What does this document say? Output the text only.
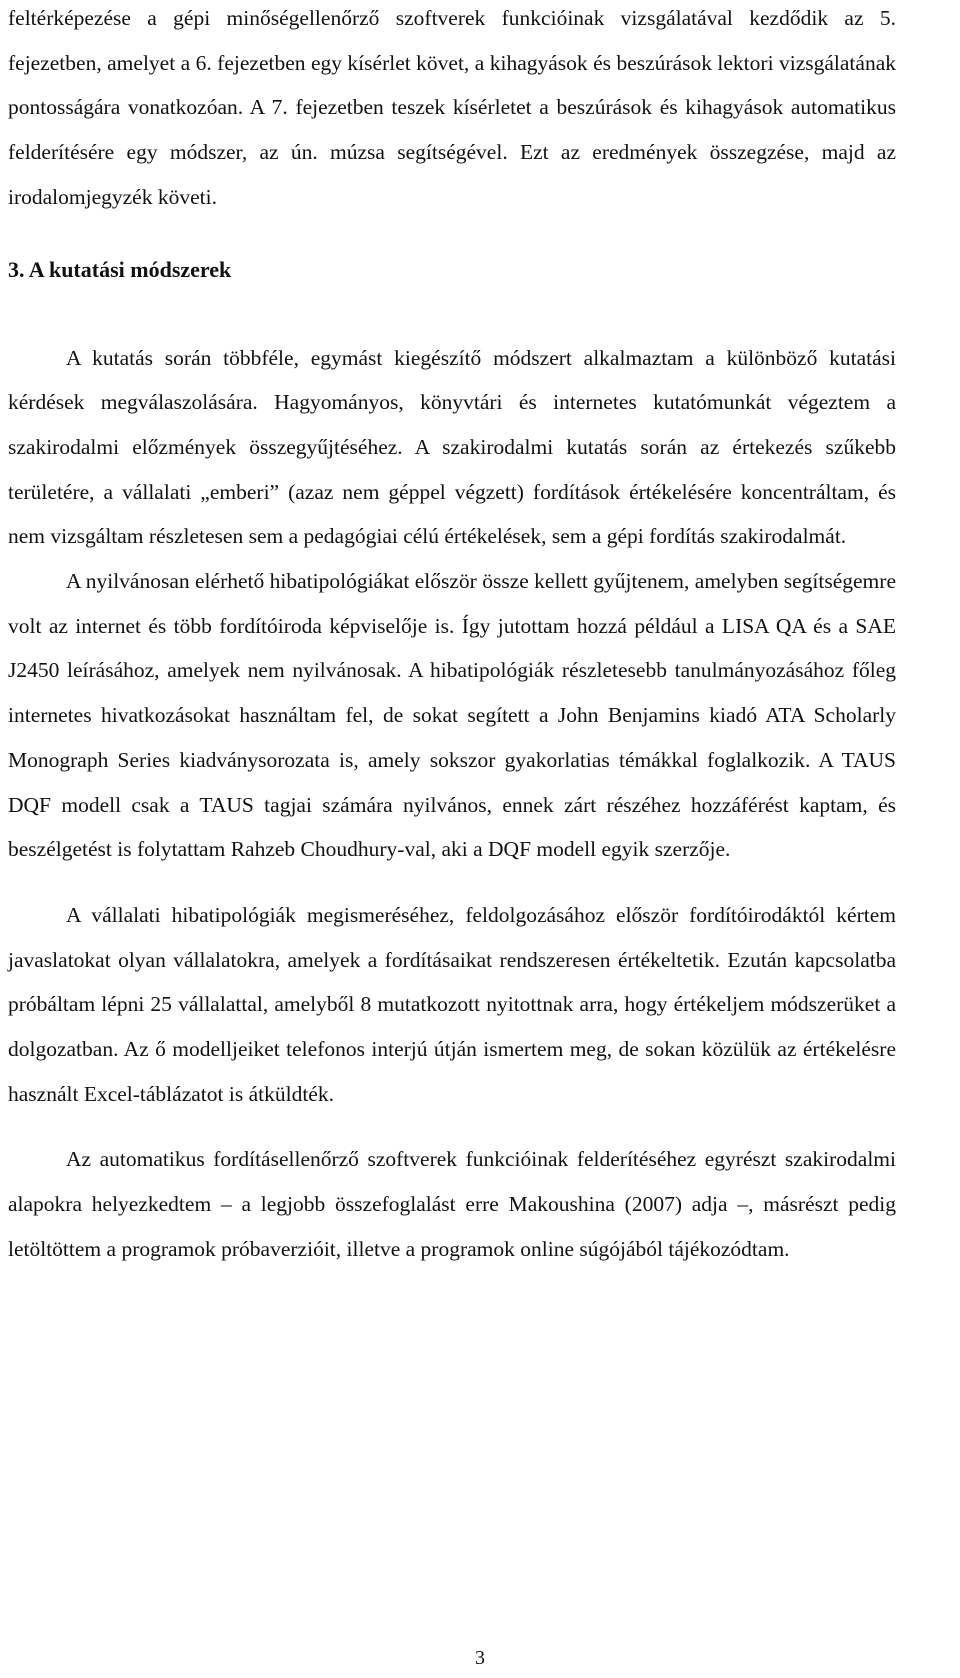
feltérképezése a gépi minőségellenőrző szoftverek funkcióinak vizsgálatával kezdődik az 5. fejezetben, amelyet a 6. fejezetben egy kísérlet követ, a kihagyások és beszúrások lektori vizsgálatának pontosságára vonatkozóan. A 7. fejezetben teszek kísérletet a beszúrások és kihagyások automatikus felderítésére egy módszer, az ún. múzsa segítségével. Ezt az eredmények összegzése, majd az irodalomjegyzék követi.

3. A kutatási módszerek

A kutatás során többféle, egymást kiegészítő módszert alkalmaztam a különböző kutatási kérdések megválaszolására. Hagyományos, könyvtári és internetes kutatómunkát végeztem a szakirodalmi előzmények összegyűjtéséhez. A szakirodalmi kutatás során az értekezés szűkebb területére, a vállalati „emberi” (azaz nem géppel végzett) fordítások értékelésére koncentráltam, és nem vizsgáltam részletesen sem a pedagógiai célú értékelések, sem a gépi fordítás szakirodalmát.

A nyilvánosan elérhető hibatipológiákat először össze kellett gyűjtenem, amelyben segítségemre volt az internet és több fordítóiroda képviselője is. Így jutottam hozzá például a LISA QA és a SAE J2450 leírásához, amelyek nem nyilvánosak. A hibatipológiák részletesebb tanulmányozásához főleg internetes hivatkozásokat használtam fel, de sokat segített a John Benjamins kiadó ATA Scholarly Monograph Series kiadványsorozata is, amely sokszor gyakorlatias témákkal foglalkozik. A TAUS DQF modell csak a TAUS tagjai számára nyilvános, ennek zárt részéhez hozzáférést kaptam, és beszélgetést is folytattam Rahzeb Choudhury-val, aki a DQF modell egyik szerzője.

A vállalati hibatipológiák megismeréséhez, feldolgozásához először fordítóirodáktól kértem javaslatokat olyan vállalatokra, amelyek a fordításaikat rendszeresen értékeltetik. Ezután kapcsolatba próbáltam lépni 25 vállalattal, amelyből 8 mutatkozott nyitottnak arra, hogy értékeljem módszerüket a dolgozatban. Az ő modelljeiket telefonos interjú útján ismertem meg, de sokan közülük az értékelésre használt Excel-táblázatot is átküldték.

Az automatikus fordításellenőrző szoftverek funkcióinak felderítéséhez egyrészt szakirodalmi alapokra helyezkedtem – a legjobb összefoglalást erre Makoushina (2007) adja –, másrészt pedig letöltöttem a programok próbaverzióit, illetve a programok online súgójából tájékozódtam.

3
